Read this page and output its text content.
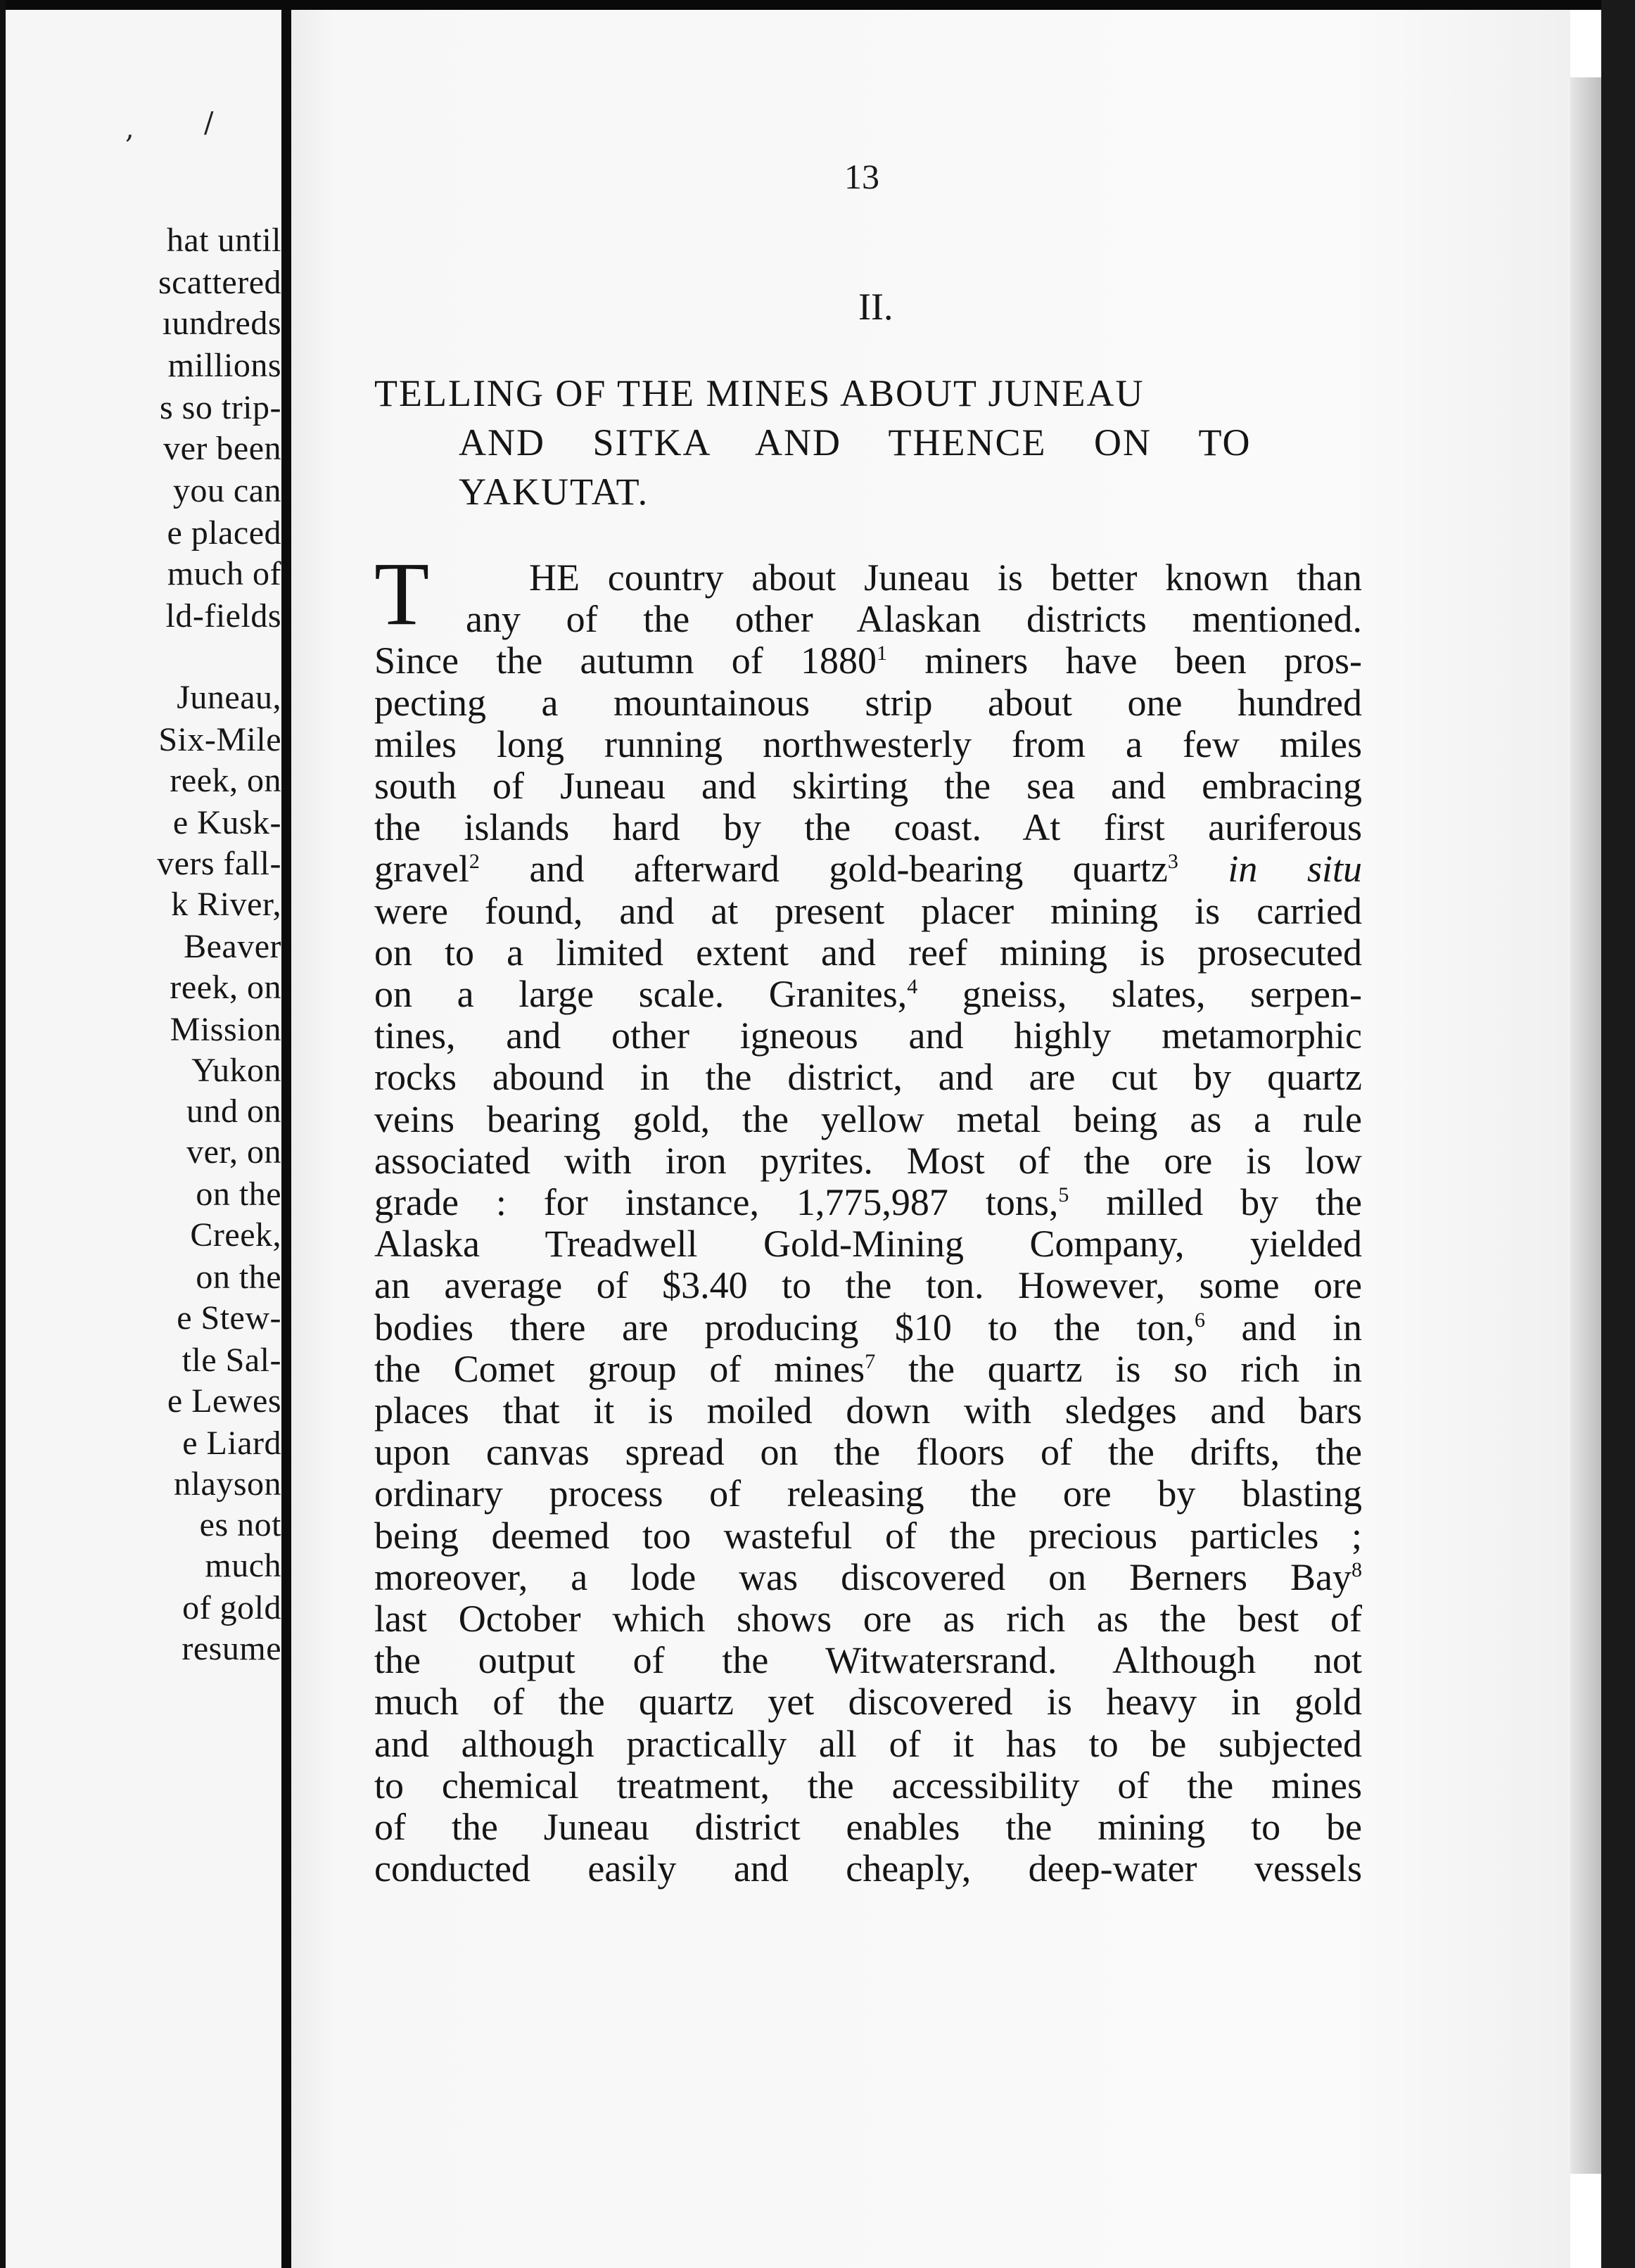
, /
hat until
scattered
ıundreds
millions
s so trip-
ver been
you can
e placed
much of
ld-fields
Juneau,
Six-Mile
reek, on
e Kusk-
vers fall-
k River,
Beaver
reek, on
Mission
Yukon
und on
ver, on
on the
Creek,
on the
e Stew-
tle Sal-
e Lewes
e Liard
nlayson
es not
much
of gold
resume
13
II.
TELLING OF THE MINES ABOUT JUNEAU
AND SITKA AND THENCE ON TO
YAKUTAT.
T	HE country about Juneau is better known than
any of the other Alaskan districts mentioned.
Since the autumn of 1880$^1$ miners have been pros-
pecting a mountainous strip about one hundred
miles long running northwesterly from a few miles
south of Juneau and skirting the sea and embracing
the islands hard by the coast. At first auriferous
gravel$^2$ and afterward gold-bearing quartz$^3$ in situ
were found, and at present placer mining is carried
on to a limited extent and reef mining is prosecuted
on a large scale. Granites,$^4$ gneiss, slates, serpen-
tines, and other igneous and highly metamorphic
rocks abound in the district, and are cut by quartz
veins bearing gold, the yellow metal being as a rule
associated with iron pyrites. Most of the ore is low
grade : for instance, 1,775,987 tons,$^5$ milled by the
Alaska Treadwell Gold-Mining Company, yielded
an average of $3.40 to the ton. However, some ore
bodies there are producing $10 to the ton,$^6$ and in
the Comet group of mines$^7$ the quartz is so rich in
places that it is moiled down with sledges and bars
upon canvas spread on the floors of the drifts, the
ordinary process of releasing the ore by blasting
being deemed too wasteful of the precious particles ;
moreover, a lode was discovered on Berners Bay$^8$
last October which shows ore as rich as the best of
the output of the Witwatersrand. Although not
much of the quartz yet discovered is heavy in gold
and although practically all of it has to be subjected
to chemical treatment, the accessibility of the mines
of the Juneau district enables the mining to be
conducted easily and cheaply, deep-water vessels
